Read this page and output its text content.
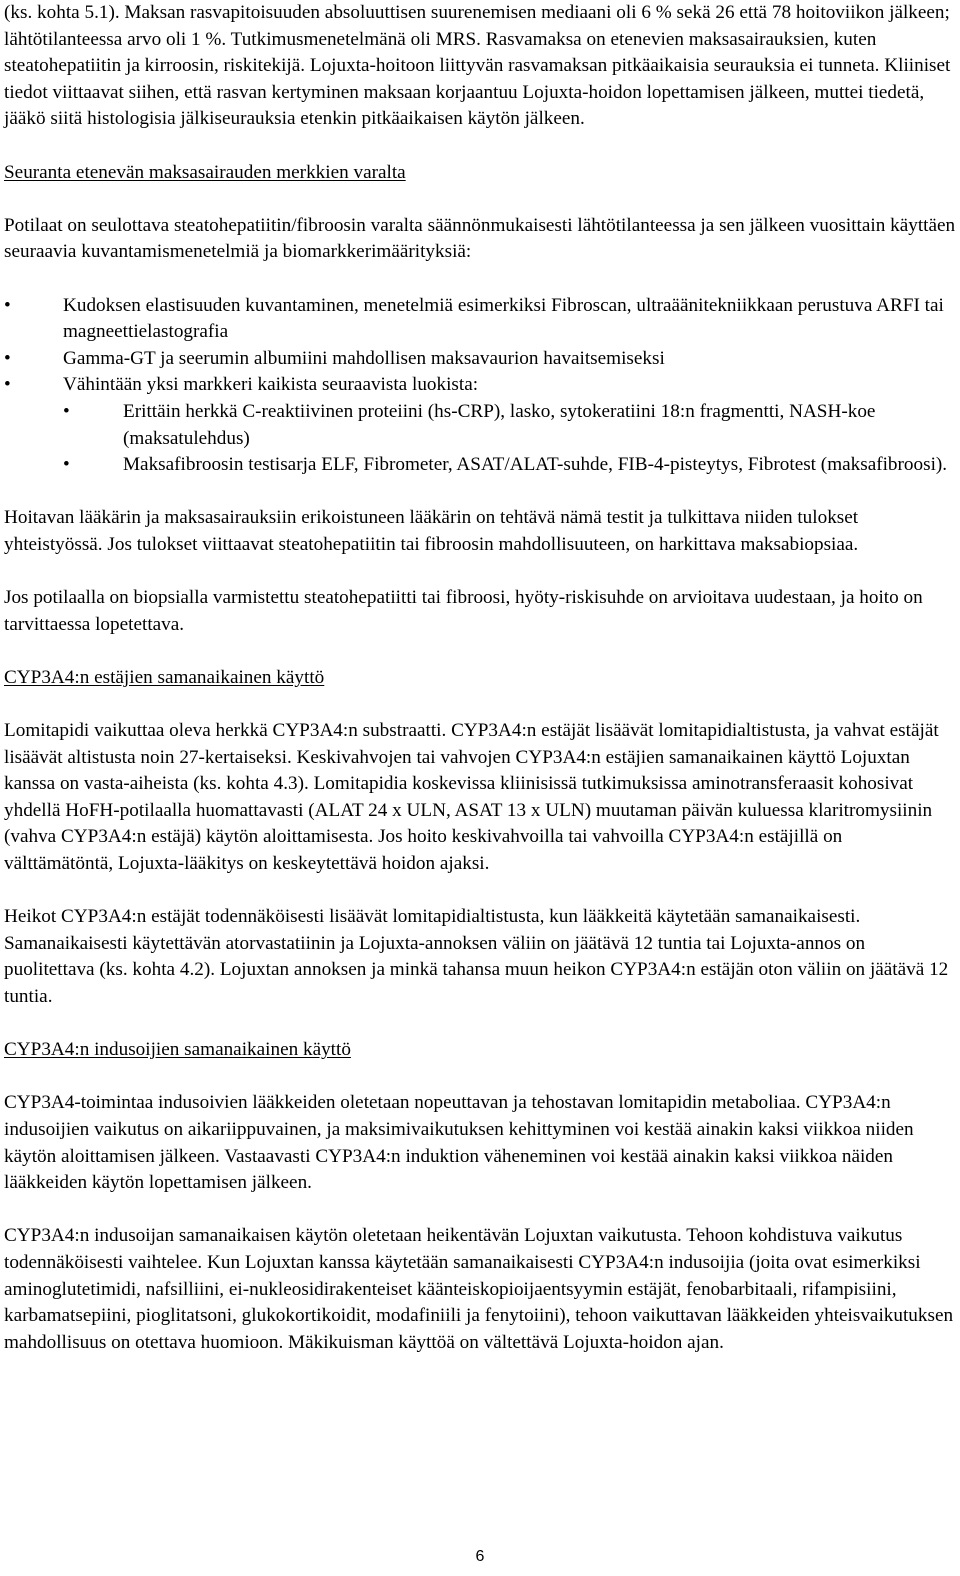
(ks. kohta 5.1). Maksan rasvapitoisuuden absoluuttisen suurenemisen mediaani oli 6 % sekä 26 että 78 hoitoviikon jälkeen; lähtötilanteessa arvo oli 1 %. Tutkimusmenetelmänä oli MRS. Rasvamaksa on etenevien maksasairauksien, kuten steatohepatiitin ja kirroosin, riskitekijä. Lojuxta-hoitoon liittyvän rasvamaksan pitkäaikaisia seurauksia ei tunneta. Kliiniset tiedot viittaavat siihen, että rasvan kertyminen maksaan korjaantuu Lojuxta-hoidon lopettamisen jälkeen, muttei tiedetä, jääkö siitä histologisia jälkiseurauksia etenkin pitkäaikaisen käytön jälkeen.

Seuranta etenevän maksasairauden merkkien varalta

Potilaat on seulottava steatohepatiitin/fibroosin varalta säännönmukaisesti lähtötilanteessa ja sen jälkeen vuosittain käyttäen seuraavia kuvantamismenetelmiä ja biomarkkerimäärityksiä:

• Kudoksen elastisuuden kuvantaminen, menetelmiä esimerkiksi Fibroscan, ultraäänitekniikkaan perustuva ARFI tai magneettielastografia
• Gamma-GT ja seerumin albumiini mahdollisen maksavaurion havaitsemiseksi
• Vähintään yksi markkeri kaikista seuraavista luokista:
• Erittäin herkkä C-reaktiivinen proteiini (hs-CRP), lasko, sytokeratiini 18:n fragmentti, NASH-koe (maksatulehdus)
• Maksafibroosin testisarja ELF, Fibrometer, ASAT/ALAT-suhde, FIB-4-pisteytys, Fibrotest (maksafibroosi).

Hoitavan lääkärin ja maksasairauksiin erikoistuneen lääkärin on tehtävä nämä testit ja tulkittava niiden tulokset yhteistyössä. Jos tulokset viittaavat steatohepatiitin tai fibroosin mahdollisuuteen, on harkittava maksabiopsiaa.

Jos potilaalla on biopsialla varmistettu steatohepatiitti tai fibroosi, hyöty-riskisuhde on arvioitava uudestaan, ja hoito on tarvittaessa lopetettava.

CYP3A4:n estäjien samanaikainen käyttö

Lomitapidi vaikuttaa oleva herkkä CYP3A4:n substraatti. CYP3A4:n estäjät lisäävät lomitapidialtistusta, ja vahvat estäjät lisäävät altistusta noin 27-kertaiseksi. Keskivahvojen tai vahvojen CYP3A4:n estäjien samanaikainen käyttö Lojuxtan kanssa on vasta-aiheista (ks. kohta 4.3). Lomitapidia koskevissa kliinisissä tutkimuksissa aminotransferaasit kohosivat yhdellä HoFH-potilaalla huomattavasti (ALAT 24 x ULN, ASAT 13 x ULN) muutaman päivän kuluessa klaritromysiinin (vahva CYP3A4:n estäjä) käytön aloittamisesta. Jos hoito keskivahvoilla tai vahvoilla CYP3A4:n estäjillä on välttämätöntä, Lojuxta-lääkitys on keskeytettävä hoidon ajaksi.

Heikot CYP3A4:n estäjät todennäköisesti lisäävät lomitapidialtistusta, kun lääkkeitä käytetään samanaikaisesti. Samanaikaisesti käytettävän atorvastatiinin ja Lojuxta-annoksen väliin on jäätävä 12 tuntia tai Lojuxta-annos on puolitettava (ks. kohta 4.2). Lojuxtan annoksen ja minkä tahansa muun heikon CYP3A4:n estäjän oton väliin on jäätävä 12 tuntia.

CYP3A4:n indusoijien samanaikainen käyttö

CYP3A4-toimintaa indusoivien lääkkeiden oletetaan nopeuttavan ja tehostavan lomitapidin metaboliaa. CYP3A4:n indusoijien vaikutus on aikariippuvainen, ja maksimivaikutuksen kehittyminen voi kestää ainakin kaksi viikkoa niiden käytön aloittamisen jälkeen. Vastaavasti CYP3A4:n induktion väheneminen voi kestää ainakin kaksi viikkoa näiden lääkkeiden käytön lopettamisen jälkeen.

CYP3A4:n indusoijan samanaikaisen käytön oletetaan heikentävän Lojuxtan vaikutusta. Tehoon kohdistuva vaikutus todennäköisesti vaihtelee. Kun Lojuxtan kanssa käytetään samanaikaisesti CYP3A4:n indusoijia (joita ovat esimerkiksi aminoglutetimidi, nafsilliini, ei-nukleosidirakenteiset käänteiskopioijaentsyymin estäjät, fenobarbitaali, rifampisiini, karbamatsepiini, pioglitatsoni, glukokortikoidit, modafiniili ja fenytoiini), tehoon vaikuttavan lääkkeiden yhteisvaikutuksen mahdollisuus on otettava huomioon. Mäkikuisman käyttöä on vältettävä Lojuxta-hoidon ajan.

6
